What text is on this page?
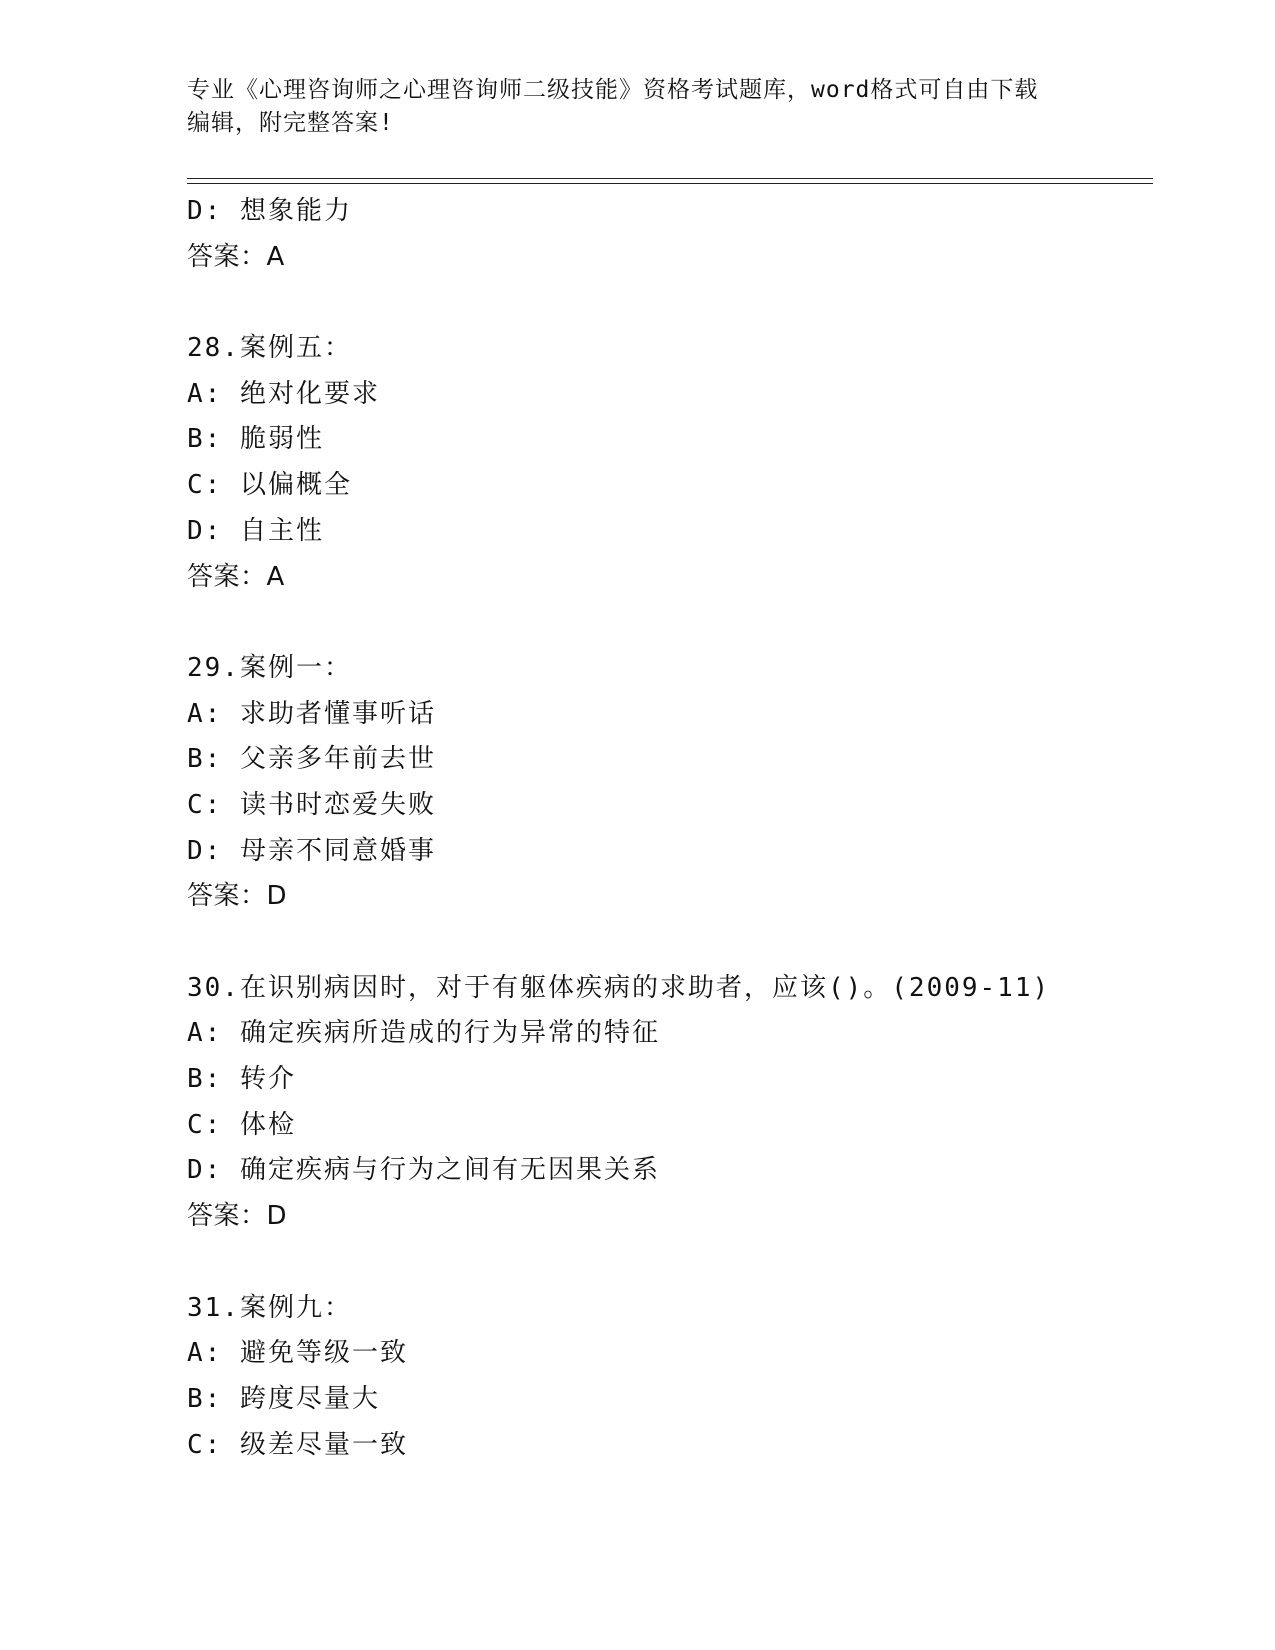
专业《心理咨询师之心理咨询师二级技能》资格考试题库，word格式可自由下载
编辑，附完整答案!
D: 想象能力
答案：A
28.案例五：
A: 绝对化要求
B: 脆弱性
C: 以偏概全
D: 自主性
答案：A
29.案例一：
A: 求助者懂事听话
B: 父亲多年前去世
C: 读书时恋爱失败
D: 母亲不同意婚事
答案：D
30.在识别病因时，对于有躯体疾病的求助者，应该()。(2009-11)
A: 确定疾病所造成的行为异常的特征
B: 转介
C: 体检
D: 确定疾病与行为之间有无因果关系
答案：D
31.案例九：
A: 避免等级一致
B: 跨度尽量大
C: 级差尽量一致
